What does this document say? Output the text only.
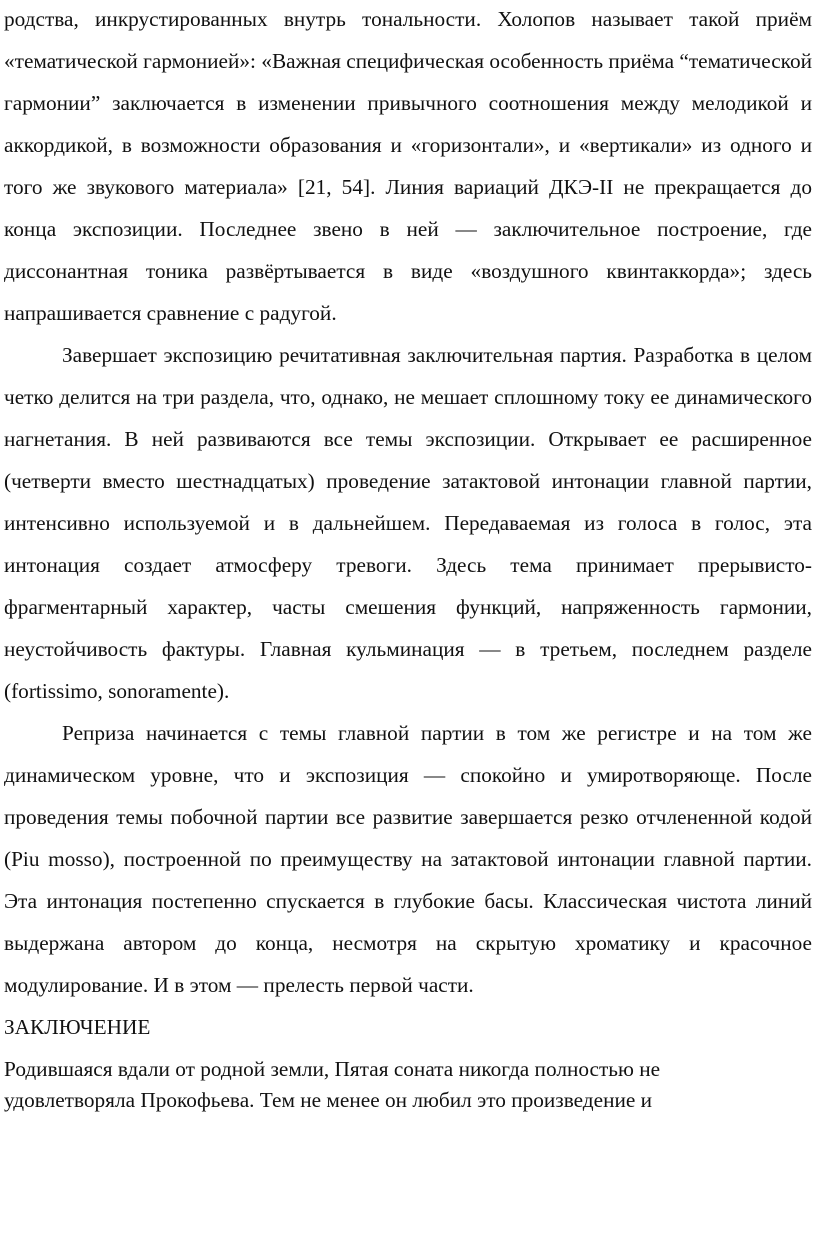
родства, инкрустированных внутрь тональности. Холопов называет такой приём «тематической гармонией»: «Важная специфическая особенность приёма “тематической гармонии” заключается в изменении привычного соотношения между мелодикой и аккордикой, в возможности образования и «горизонтали», и «вертикали» из одного и того же звукового материала» [21, 54]. Линия вариаций ДКЭ-II не прекращается до конца экспозиции. Последнее звено в ней — заключительное построение, где диссонантная тоника развёртывается в виде «воздушного квинтаккорда»; здесь напрашивается сравнение с радугой.

Завершает экспозицию речитативная заключительная партия. Разработка в целом четко делится на три раздела, что, однако, не мешает сплошному току ее динамического нагнетания. В ней развиваются все темы экспозиции. Открывает ее расширенное (четверти вместо шестнадцатых) проведение затактовой интонации главной партии, интенсивно используемой и в дальнейшем. Передаваемая из голоса в голос, эта интонация создает атмосферу тревоги. Здесь тема принимает прерывисто-фрагментарный характер, часты смешения функций, напряженность гармонии, неустойчивость фактуры. Главная кульминация — в третьем, последнем разделе (fortissimo, sonoramente).

Реприза начинается с темы главной партии в том же регистре и на том же динамическом уровне, что и экспозиция — спокойно и умиротворяюще. После проведения темы побочной партии все развитие завершается резко отчлененной кодой (Piu mosso), построенной по преимуществу на затактовой интонации главной партии. Эта интонация постепенно спускается в глубокие басы. Классическая чистота линий выдержана автором до конца, несмотря на скрытую хроматику и красочное модулирование. И в этом — прелесть первой части.

ЗАКЛЮЧЕНИЕ

Родившаяся вдали от родной земли, Пятая соната никогда полностью не
удовлетворяла Прокофьева. Тем не менее он любил это произведение и
